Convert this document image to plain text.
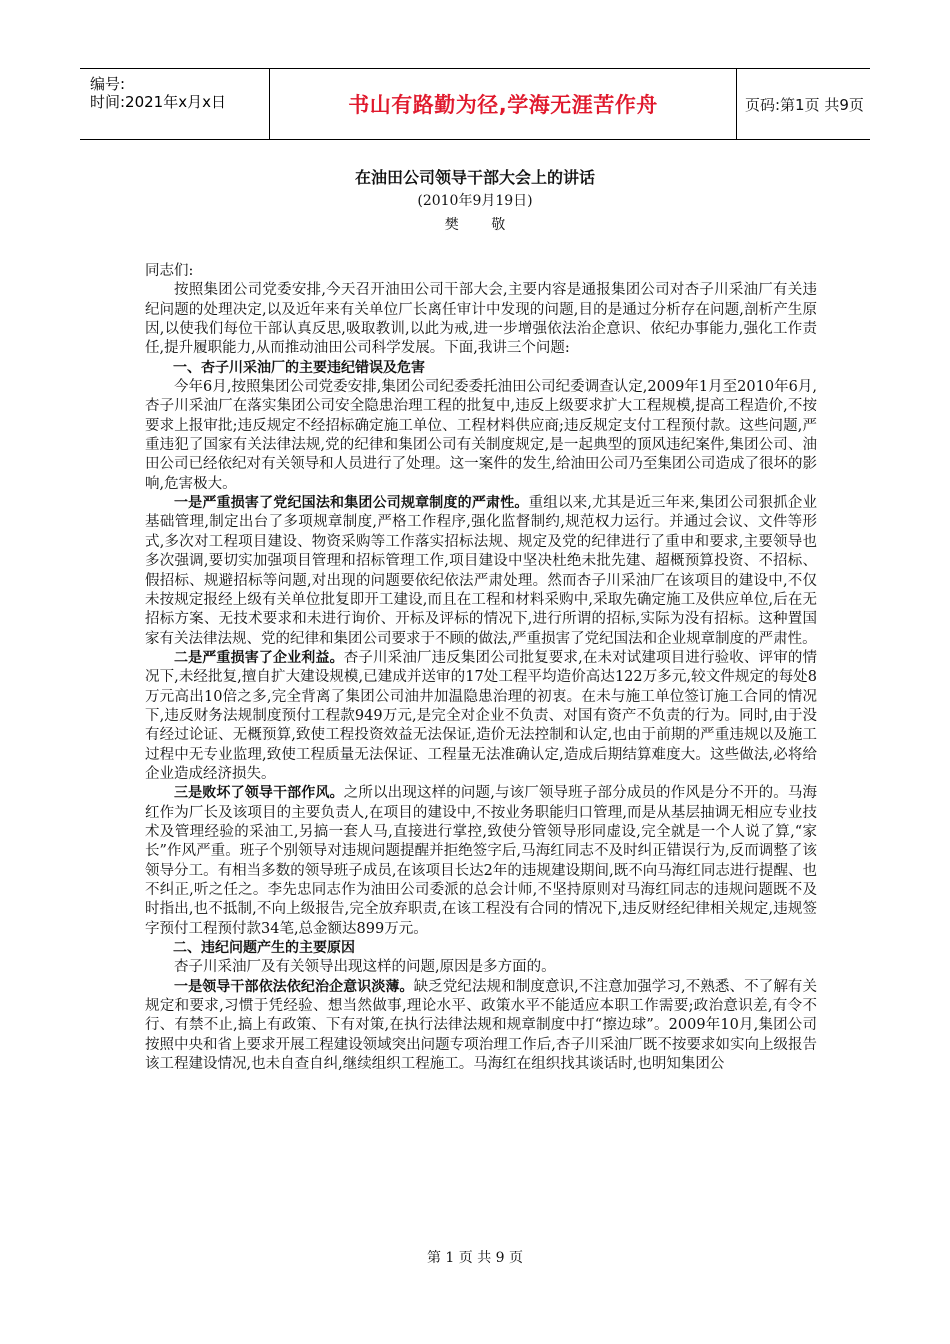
编号:
时间:2021年x月x日	书山有路勤为径,学海无涯苦作舟	页码:第1页 共9页
在油田公司领导干部大会上的讲话
(2010年9月19日)
樊 敬

同志们:

按照集团公司党委安排,今天召开油田公司干部大会,主要内容是通报集团公司对杏子川采油厂有关违纪问题的处理决定,以及近年来有关单位厂长离任审计中发现的问题,目的是通过分析存在问题,剖析产生原因,以使我们每位干部认真反思,吸取教训,以此为戒,进一步增强依法治企意识、依纪办事能力,强化工作责任,提升履职能力,从而推动油田公司科学发展。下面,我讲三个问题:

一、杏子川采油厂的主要违纪错误及危害

今年6月,按照集团公司党委安排,集团公司纪委委托油田公司纪委调查认定,2009年1月至2010年6月,杏子川采油厂在落实集团公司安全隐患治理工程的批复中,违反上级要求扩大工程规模,提高工程造价,不按要求上报审批;违反规定不经招标确定施工单位、工程材料供应商;违反规定支付工程预付款。这些问题,严重违犯了国家有关法律法规,党的纪律和集团公司有关制度规定,是一起典型的顶风违纪案件,集团公司、油田公司已经依纪对有关领导和人员进行了处理。这一案件的发生,给油田公司乃至集团公司造成了很坏的影响,危害极大。

一是严重损害了党纪国法和集团公司规章制度的严肃性。重组以来,尤其是近三年来,集团公司狠抓企业基础管理,制定出台了多项规章制度,严格工作程序,强化监督制约,规范权力运行。并通过会议、文件等形式,多次对工程项目建设、物资采购等工作落实招标法规、规定及党的纪律进行了重申和要求,主要领导也多次强调,要切实加强项目管理和招标管理工作,项目建设中坚决杜绝未批先建、超概预算投资、不招标、假招标、规避招标等问题,对出现的问题要依纪依法严肃处理。然而杏子川采油厂在该项目的建设中,不仅未按规定报经上级有关单位批复即开工建设,而且在工程和材料采购中,采取先确定施工及供应单位,后在无招标方案、无技术要求和未进行询价、开标及评标的情况下,进行所谓的招标,实际为没有招标。这种置国家有关法律法规、党的纪律和集团公司要求于不顾的做法,严重损害了党纪国法和企业规章制度的严肃性。

二是严重损害了企业利益。杏子川采油厂违反集团公司批复要求,在未对试建项目进行验收、评审的情况下,未经批复,擅自扩大建设规模,已建成并送审的17处工程平均造价高达122万多元,较文件规定的每处8万元高出10倍之多,完全背离了集团公司油井加温隐患治理的初衷。在未与施工单位签订施工合同的情况下,违反财务法规制度预付工程款949万元,是完全对企业不负责、对国有资产不负责的行为。同时,由于没有经过论证、无概预算,致使工程投资效益无法保证,造价无法控制和认定,也由于前期的严重违规以及施工过程中无专业监理,致使工程质量无法保证、工程量无法准确认定,造成后期结算难度大。这些做法,必将给企业造成经济损失。

三是败坏了领导干部作风。之所以出现这样的问题,与该厂领导班子部分成员的作风是分不开的。马海红作为厂长及该项目的主要负责人,在项目的建设中,不按业务职能归口管理,而是从基层抽调无相应专业技术及管理经验的采油工,另搞一套人马,直接进行掌控,致使分管领导形同虚设,完全就是一个人说了算,“家长”作风严重。班子个别领导对违规问题提醒并拒绝签字后,马海红同志不及时纠正错误行为,反而调整了该领导分工。有相当多数的领导班子成员,在该项目长达2年的违规建设期间,既不向马海红同志进行提醒、也不纠正,听之任之。李先忠同志作为油田公司委派的总会计师,不坚持原则对马海红同志的违规问题既不及时指出,也不抵制,不向上级报告,完全放弃职责,在该工程没有合同的情况下,违反财经纪律相关规定,违规签字预付工程预付款34笔,总金额达899万元。

二、违纪问题产生的主要原因

杏子川采油厂及有关领导出现这样的问题,原因是多方面的。

一是领导干部依法依纪治企意识淡薄。缺乏党纪法规和制度意识,不注意加强学习,不熟悉、不了解有关规定和要求,习惯于凭经验、想当然做事,理论水平、政策水平不能适应本职工作需要;政治意识差,有令不行、有禁不止,搞上有政策、下有对策,在执行法律法规和规章制度中打“擦边球”。2009年10月,集团公司按照中央和省上要求开展工程建设领域突出问题专项治理工作后,杏子川采油厂既不按要求如实向上级报告该工程建设情况,也未自查自纠,继续组织工程施工。马海红在组织找其谈话时,也明知集团公

第 1 页 共 9 页
